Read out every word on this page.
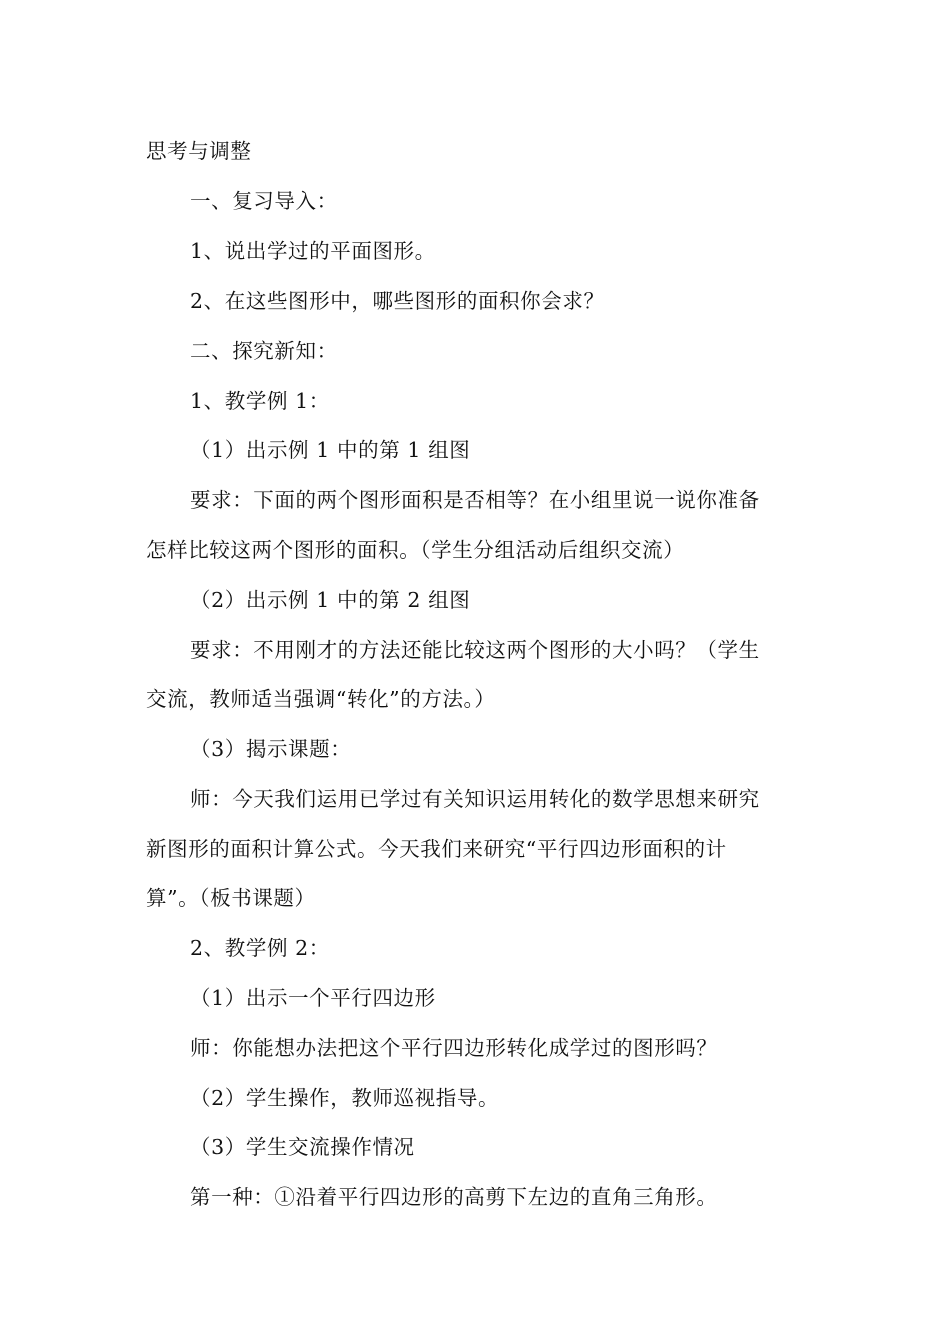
思考与调整
一、复习导入：
1、说出学过的平面图形。
2、在这些图形中，哪些图形的面积你会求？
二、探究新知：
1、教学例 1：
（1）出示例 1 中的第 1 组图
要求：下面的两个图形面积是否相等？在小组里说一说你准备
怎样比较这两个图形的面积。（学生分组活动后组织交流）
（2）出示例 1 中的第 2 组图
要求：不用刚才的方法还能比较这两个图形的大小吗？（学生
交流，教师适当强调“转化”的方法。）
（3）揭示课题：
师：今天我们运用已学过有关知识运用转化的数学思想来研究
新图形的面积计算公式。今天我们来研究“平行四边形面积的计
算”。（板书课题）
2、教学例 2：
（1）出示一个平行四边形
师：你能想办法把这个平行四边形转化成学过的图形吗？
（2）学生操作，教师巡视指导。
（3）学生交流操作情况
第一种：①沿着平行四边形的高剪下左边的直角三角形。
